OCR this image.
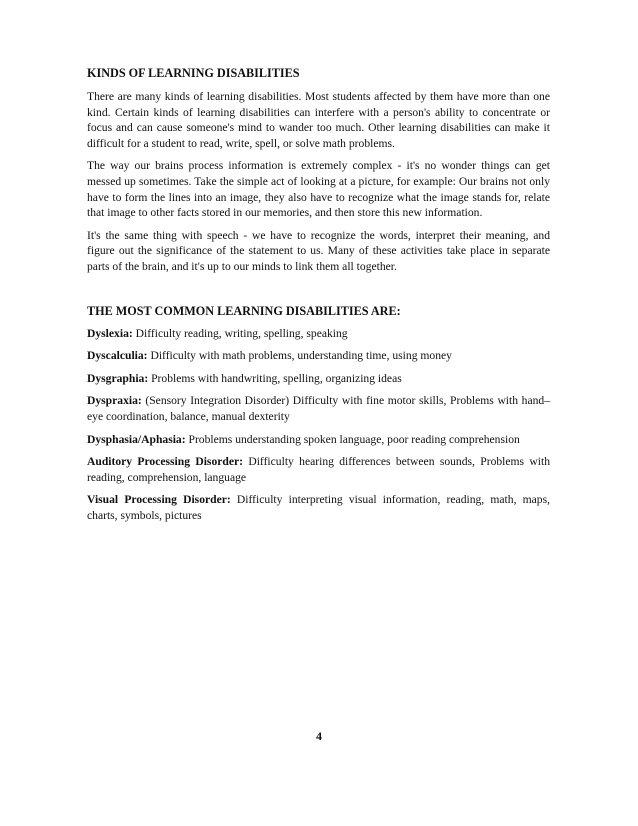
KINDS OF LEARNING DISABILITIES

There are many kinds of learning disabilities. Most students affected by them have more than one kind. Certain kinds of learning disabilities can interfere with a person's ability to concentrate or focus and can cause someone's mind to wander too much. Other learning disabilities can make it difficult for a student to read, write, spell, or solve math problems.

The way our brains process information is extremely complex - it's no wonder things can get messed up sometimes. Take the simple act of looking at a picture, for example: Our brains not only have to form the lines into an image, they also have to recognize what the image stands for, relate that image to other facts stored in our memories, and then store this new information.

It's the same thing with speech - we have to recognize the words, interpret their meaning, and figure out the significance of the statement to us. Many of these activities take place in separate parts of the brain, and it's up to our minds to link them all together.

THE MOST COMMON LEARNING DISABILITIES ARE:

Dyslexia: Difficulty reading, writing, spelling, speaking

Dyscalculia: Difficulty with math problems, understanding time, using money

Dysgraphia: Problems with handwriting, spelling, organizing ideas

Dyspraxia: (Sensory Integration Disorder) Difficulty with fine motor skills, Problems with hand–eye coordination, balance, manual dexterity

Dysphasia/Aphasia: Problems understanding spoken language, poor reading comprehension

Auditory Processing Disorder: Difficulty hearing differences between sounds, Problems with reading, comprehension, language

Visual Processing Disorder: Difficulty interpreting visual information, reading, math, maps, charts, symbols, pictures

4
